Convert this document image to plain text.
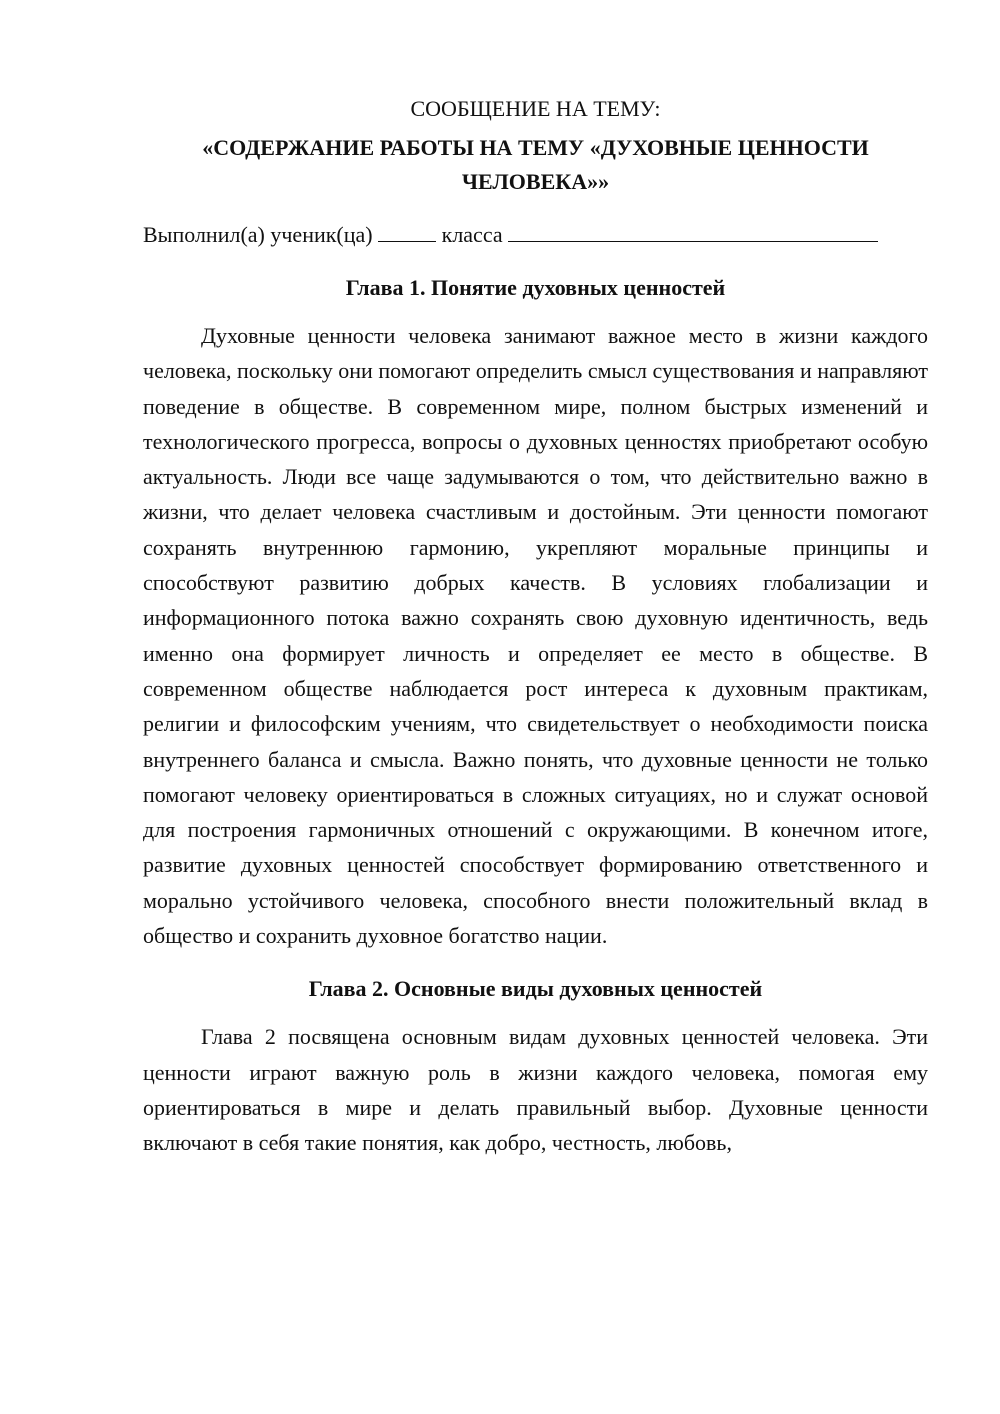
СООБЩЕНИЕ НА ТЕМУ:

«СОДЕРЖАНИЕ РАБОТЫ НА ТЕМУ «ДУХОВНЫЕ ЦЕННОСТИ ЧЕЛОВЕКА»»

Выполнил(а) ученик(ца)	класса

Глава 1. Понятие духовных ценностей

Духовные ценности человека занимают важное место в жизни каждого человека, поскольку они помогают определить смысл существования и направляют поведение в обществе. В современном мире, полном быстрых изменений и технологического прогресса, вопросы о духовных ценностях приобретают особую актуальность. Люди все чаще задумываются о том, что действительно важно в жизни, что делает человека счастливым и достойным. Эти ценности помогают сохранять внутреннюю гармонию, укрепляют моральные принципы и способствуют развитию добрых качеств. В условиях глобализации и информационного потока важно сохранять свою духовную идентичность, ведь именно она формирует личность и определяет ее место в обществе. В современном обществе наблюдается рост интереса к духовным практикам, религии и философским учениям, что свидетельствует о необходимости поиска внутреннего баланса и смысла. Важно понять, что духовные ценности не только помогают человеку ориентироваться в сложных ситуациях, но и служат основой для построения гармоничных отношений с окружающими. В конечном итоге, развитие духовных ценностей способствует формированию ответственного и морально устойчивого человека, способного внести положительный вклад в общество и сохранить духовное богатство нации.

Глава 2. Основные виды духовных ценностей

Глава 2 посвящена основным видам духовных ценностей человека. Эти ценности играют важную роль в жизни каждого человека, помогая ему ориентироваться в мире и делать правильный выбор. Духовные ценности включают в себя такие понятия, как добро, честность, любовь,
